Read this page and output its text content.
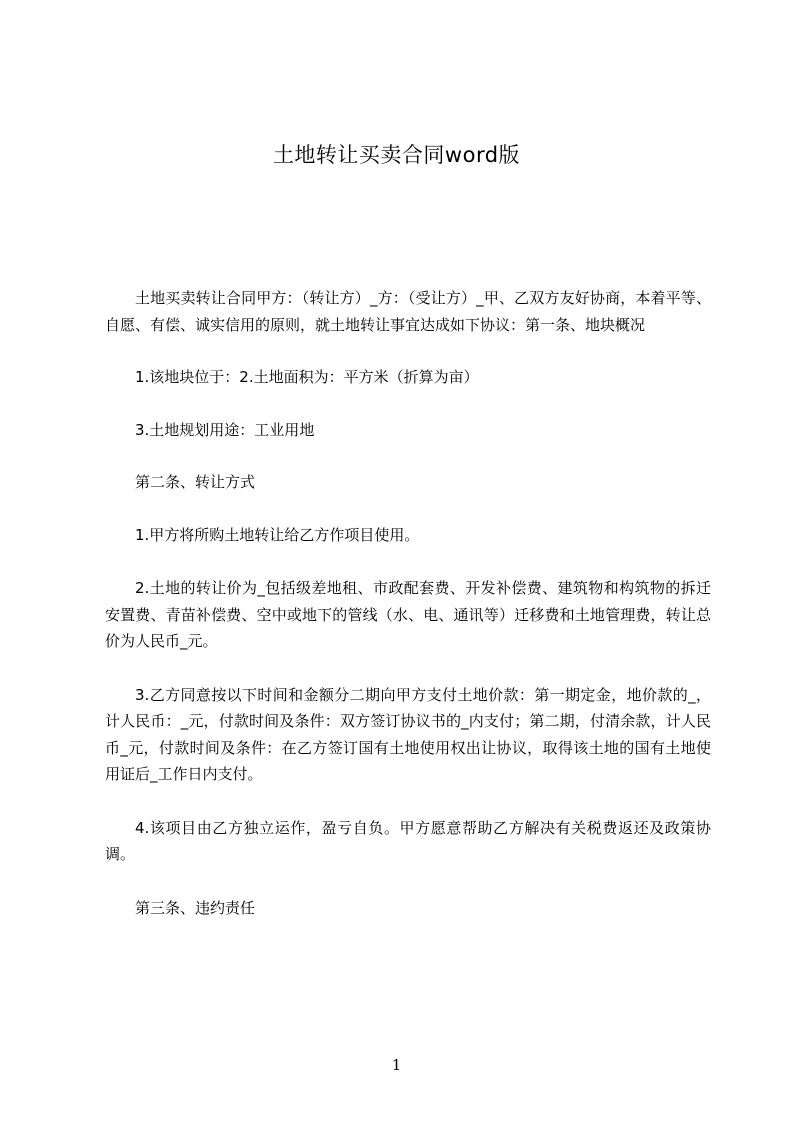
土地转让买卖合同word版

土地买卖转让合同甲方：（转让方）_方：（受让方）_甲、乙双方友好协商，本着平等、自愿、有偿、诚实信用的原则，就土地转让事宜达成如下协议：第一条、地块概况

1.该地块位于：2.土地面积为：平方米（折算为亩）

3.土地规划用途：工业用地

第二条、转让方式

1.甲方将所购土地转让给乙方作项目使用。

2.土地的转让价为_包括级差地租、市政配套费、开发补偿费、建筑物和构筑物的拆迁安置费、青苗补偿费、空中或地下的管线（水、电、通讯等）迁移费和土地管理费，转让总价为人民币_元。

3.乙方同意按以下时间和金额分二期向甲方支付土地价款：第一期定金，地价款的_，计人民币：_元，付款时间及条件：双方签订协议书的_内支付；第二期，付清余款，计人民币_元，付款时间及条件：在乙方签订国有土地使用权出让协议，取得该土地的国有土地使用证后_工作日内支付。

4.该项目由乙方独立运作，盈亏自负。甲方愿意帮助乙方解决有关税费返还及政策协调。

第三条、违约责任

1
